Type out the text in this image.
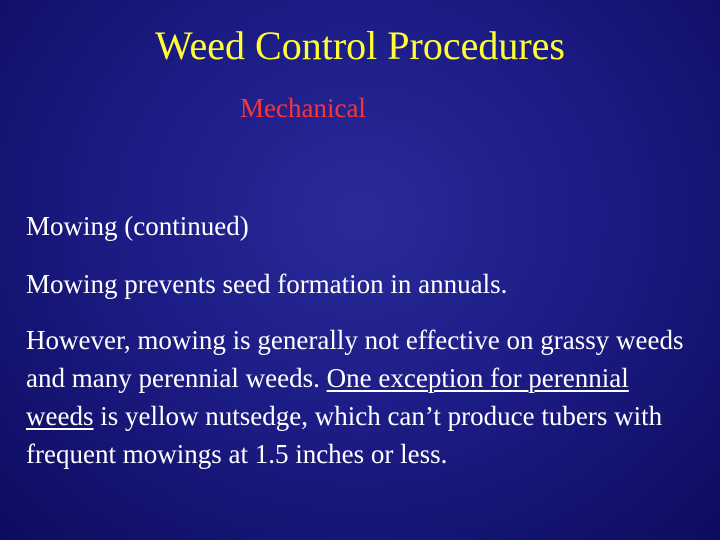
Weed Control Procedures
Mechanical
Mowing (continued)
Mowing prevents seed formation in annuals.
However, mowing is generally not effective on grassy weeds and many perennial weeds. One exception for perennial weeds is yellow nutsedge, which can’t produce tubers with frequent mowings at 1.5 inches or less.
